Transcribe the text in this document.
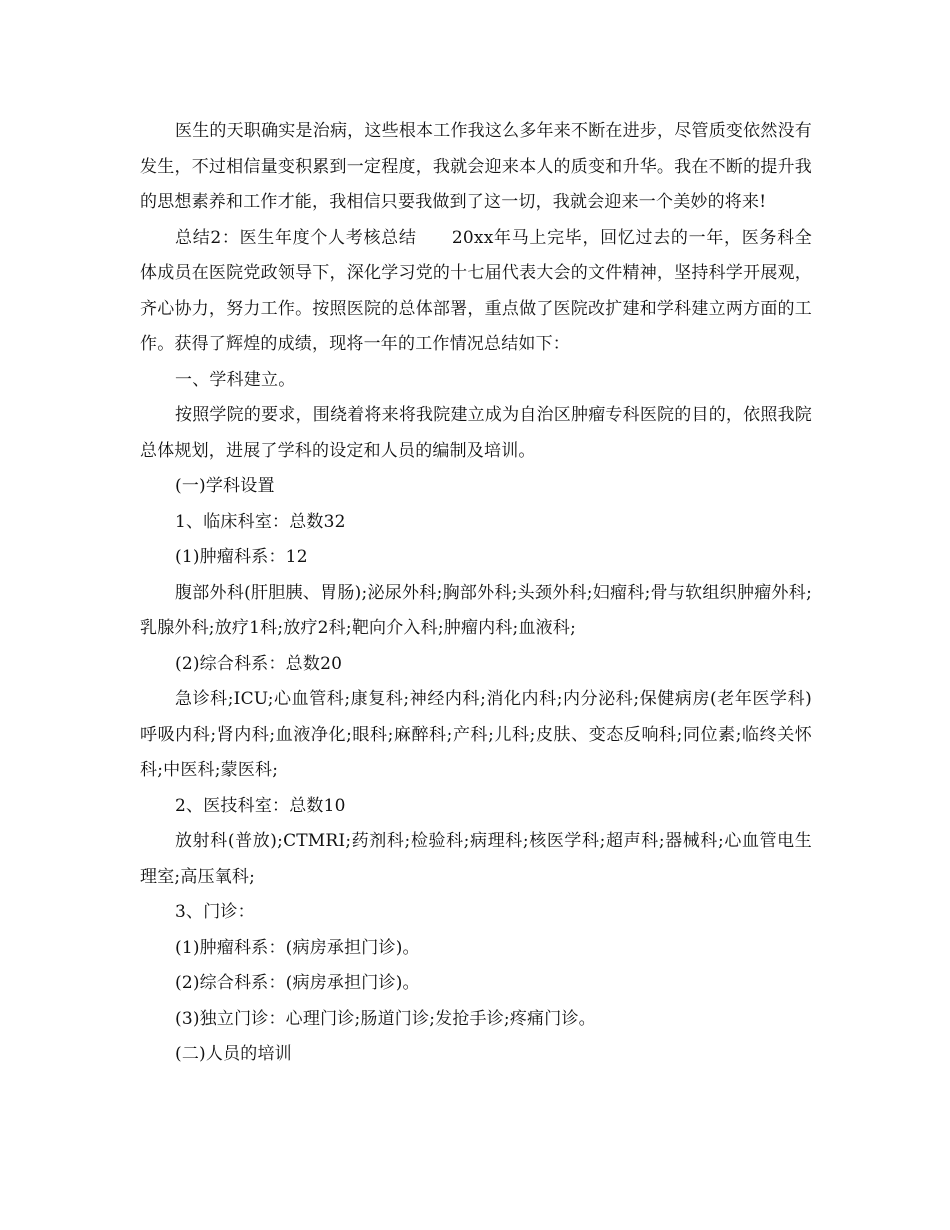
医生的天职确实是治病，这些根本工作我这么多年来不断在进步，尽管质变依然没有发生，不过相信量变积累到一定程度，我就会迎来本人的质变和升华。我在不断的提升我的思想素养和工作才能，我相信只要我做到了这一切，我就会迎来一个美妙的将来!

总结2：医生年度个人考核总结　　20xx年马上完毕，回忆过去的一年，医务科全体成员在医院党政领导下，深化学习党的十七届代表大会的文件精神，坚持科学开展观，齐心协力，努力工作。按照医院的总体部署，重点做了医院改扩建和学科建立两方面的工作。获得了辉煌的成绩，现将一年的工作情况总结如下：

一、学科建立。

按照学院的要求，围绕着将来将我院建立成为自治区肿瘤专科医院的目的，依照我院总体规划，进展了学科的设定和人员的编制及培训。

(一)学科设置

1、临床科室：总数32

(1)肿瘤科系：12

腹部外科(肝胆胰、胃肠);泌尿外科;胸部外科;头颈外科;妇瘤科;骨与软组织肿瘤外科;乳腺外科;放疗1科;放疗2科;靶向介入科;肿瘤内科;血液科;

(2)综合科系：总数20

急诊科;ICU;心血管科;康复科;神经内科;消化内科;内分泌科;保健病房(老年医学科)呼吸内科;肾内科;血液净化;眼科;麻醉科;产科;儿科;皮肤、变态反响科;同位素;临终关怀科;中医科;蒙医科;

2、医技科室：总数10

放射科(普放);CTMRI;药剂科;检验科;病理科;核医学科;超声科;器械科;心血管电生理室;高压氧科;

3、门诊：

(1)肿瘤科系：(病房承担门诊)。

(2)综合科系：(病房承担门诊)。

(3)独立门诊：心理门诊;肠道门诊;发抢手诊;疼痛门诊。

(二)人员的培训
